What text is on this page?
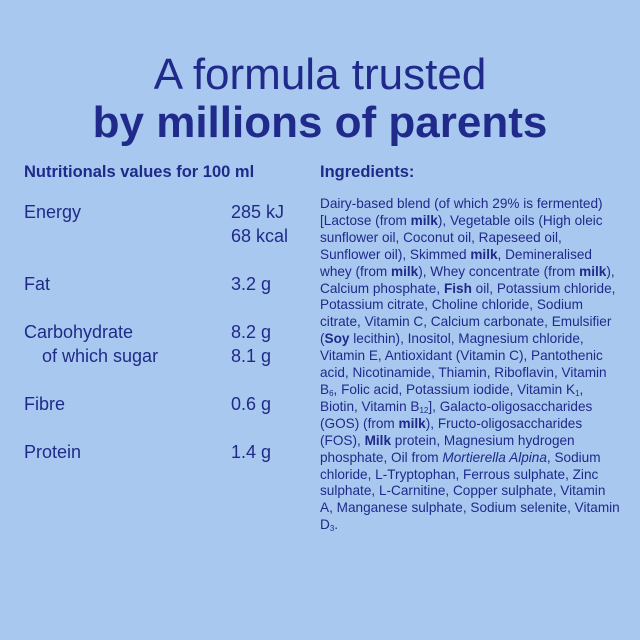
A formula trusted
by millions of parents
Nutritionals values for 100 ml
Energy	285 kJ
68 kcal
Fat	3.2 g
Carbohydrate	8.2 g
of which sugar	8.1 g
Fibre	0.6 g
Protein	1.4 g
Ingredients:

Dairy-based blend (of which 29% is fermented) [Lactose (from milk), Vegetable oils (High oleic sunflower oil, Coconut oil, Rapeseed oil, Sunflower oil), Skimmed milk, Demineralised whey (from milk), Whey concentrate (from milk), Calcium phosphate, Fish oil, Potassium chloride, Potassium citrate, Choline chloride, Sodium citrate, Vitamin C, Calcium carbonate, Emulsifier (Soy lecithin), Inositol, Magnesium chloride, Vitamin E, Antioxidant (Vitamin C), Pantothenic acid, Nicotinamide, Thiamin, Riboflavin, Vitamin $B_6$, Folic acid, Potassium iodide, Vitamin $K_1$, Biotin, Vitamin $B_{12}$], Galacto-oligosaccharides (GOS) (from milk), Fructo-oligosaccharides (FOS), Milk protein, Magnesium hydrogen phosphate, Oil from Mortierella Alpina, Sodium chloride, L-Tryptophan, Ferrous sulphate, Zinc sulphate, L-Carnitine, Copper sulphate, Vitamin A, Manganese sulphate, Sodium selenite, Vitamin $D_3$.
